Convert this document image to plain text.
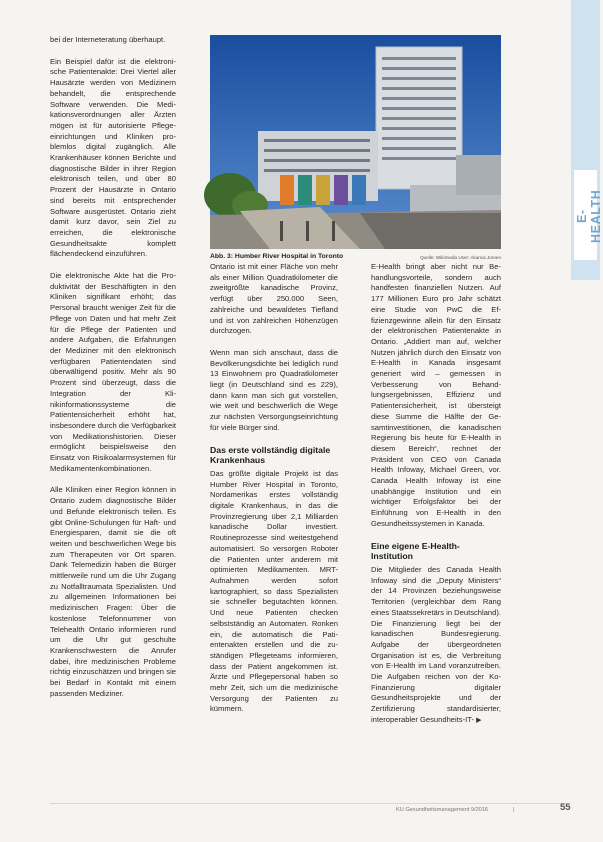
E-HEALTH

bei der Interneteratung überhaupt.

Ein Beispiel dafür ist die elektronische Patientenakte: Drei Viertel aller Hausärzte werden von Medizinern behandelt, die entsprechende Software verwenden. Die Medikationsverordnungen aller Ärzten mögen ist für autorisierte Pflegeeinrichtungen und Kliniken problemlos digital zugänglich. Alle Krankenhäuser können Berichte und diagnostische Bilder in ihrer Region elektronisch teilen, und über 80 Prozent der Hausärzte in Ontario sind bereits mit entsprechender Software ausgerüstet. Ontario zieht damit kurz davor, sein Ziel zu erreichen, die elektronische Gesundheitsakte komplett flächendeckend einzuführen.

Die elektronische Akte hat die Produktivität der Beschäftigten in den Kliniken signifikant erhöht; das Personal braucht weniger Zeit für die Pflege von Daten und hat mehr Zeit für die Pflege der Patienten und andere Aufgaben, die Erfahrungen der Mediziner mit den elektronisch verfügbaren Patientendaten sind überwältigend positiv. Mehr als 90 Prozent sind überzeugt, dass die Integration der Klinikinformationssysteme die Patientensicherheit erhöht hat, insbesondere durch die Verfügbarkeit von Medikationshistorien. Dieser ermöglicht beispielsweise den Einsatz von Risikoalarmsystemen für Medikamentenkombinationen.

Alle Kliniken einer Region können in Ontario zudem diagnostische Bilder und Befunde elektronisch teilen. Es gibt Online-Schulungen für Haft- und Energiesparen, damit sie die oft weiten und beschwerlichen Wege bis zum Therapeuten vor Ort sparen. Dank Telemedizin haben die Bürger mittlerweile rund um die Uhr Zugang zu Notfalltraumata Spezialisten. Und zu allgemeinen Informationen bei medizinischen Fragen: Über die kostenlose Telefonnummer von Telehealth Ontario informieren rund um die Uhr gut geschulte Krankenschwestern die Anrufer dabei, ihre medizinischen Probleme richtig einzuschätzen und bringen sie bei Bedarf in Kontakt mit einem passenden Mediziner.

Abb. 3: Humber River Hospital in Toronto	Quelle: Wikimedia User: Akamai Joreen

Ontario ist mit einer Fläche von mehr als einer Million Quadratkilometer die zweitgrößte kanadische Provinz, verfügt über 250.000 Seen, zahlreiche und bewaldetes Tiefland und ist von zahlreichen Höhenzügen durchzogen.

Wenn man sich anschaut, dass die Bevölkerungsdichte bei lediglich rund 13 Einwohnern pro Quadratkilometer liegt (in Deutschland sind es 229), dann kann man sich gut vorstellen, wie weit und beschwerlich die Wege zur nächsten Versorgungseinrichtung für viele Bürger sind.

Das erste vollständig digitale Krankenhaus

Das größte digitale Projekt ist das Humber River Hospital in Toronto, Nordamerikas erstes vollständig digitale Krankenhaus, in das die Provinzregierung über 2,1 Milliarden kanadische Dollar investiert. Routineprozesse sind weitestgehend automatisiert. So versorgen Roboter die Patienten unter anderem mit optimierten Medikamenten. MRT-Aufnahmen werden sofort kartographiert, so dass Spezialisten sie schneller begutachten können. Und neue Patienten checken selbstständig an Automaten. Ronken ein, die automatisch die Patientenakten erstellen und die zuständigen Pflegeteams informieren, dass der Patient angekommen ist. Ärzte und Pflegepersonal haben so mehr Zeit, sich um die medizinische Versorgung der Patienten zu kümmern.

E-Health bringt aber nicht nur Behandlungsvorteile, sondern auch handfesten finanziellen Nutzen. Auf 177 Millionen Euro pro Jahr schätzt eine Studie von PwC die Effizienzgewinne allein für den Einsatz der elektronischen Patientenakte in Ontario. „Addiert man auf, welcher Nutzen jährlich durch den Einsatz von E-Health in Kanada insgesamt generiert wird – gemessen in Verbesserung von Behandlungsergebnissen, Effizienz und Patientensicherheit, ist übersteigt diese Summe die Hälfte der Gesamtinvestitionen, die kanadischen Regierung bis heute für E-Health in diesem Bereich“, rechnet der Präsident von CEO von Canada Health Infoway, Michael Green, vor. Canada Health Infoway ist eine unabhängige Institution und ein wichtiger Erfolgsfaktor bei der Einführung von E-Health in den Gesundheitssystemen in Kanada.

Eine eigene E-Health-Institution

Die Mitglieder des Canada Health Infoway sind die „Deputy Ministers“ der 14 Provinzen beziehungsweise Territorien (vergleichbar dem Rang eines Staatssekretärs in Deutschland). Die Finanzierung liegt bei der kanadischen Bundesregierung. Aufgabe der übergeordneten Organisation ist es, die Verbreitung von E-Health im Land voranzutreiben. Die Aufgaben reichen von der Ko-Finanzierung digitaler Gesundheitsprojekte und der Zertifizierung standardisierter, interoperabler Gesundheits-IT- ▶

KU Gesundheitsmanagement 9/2016	|	55
